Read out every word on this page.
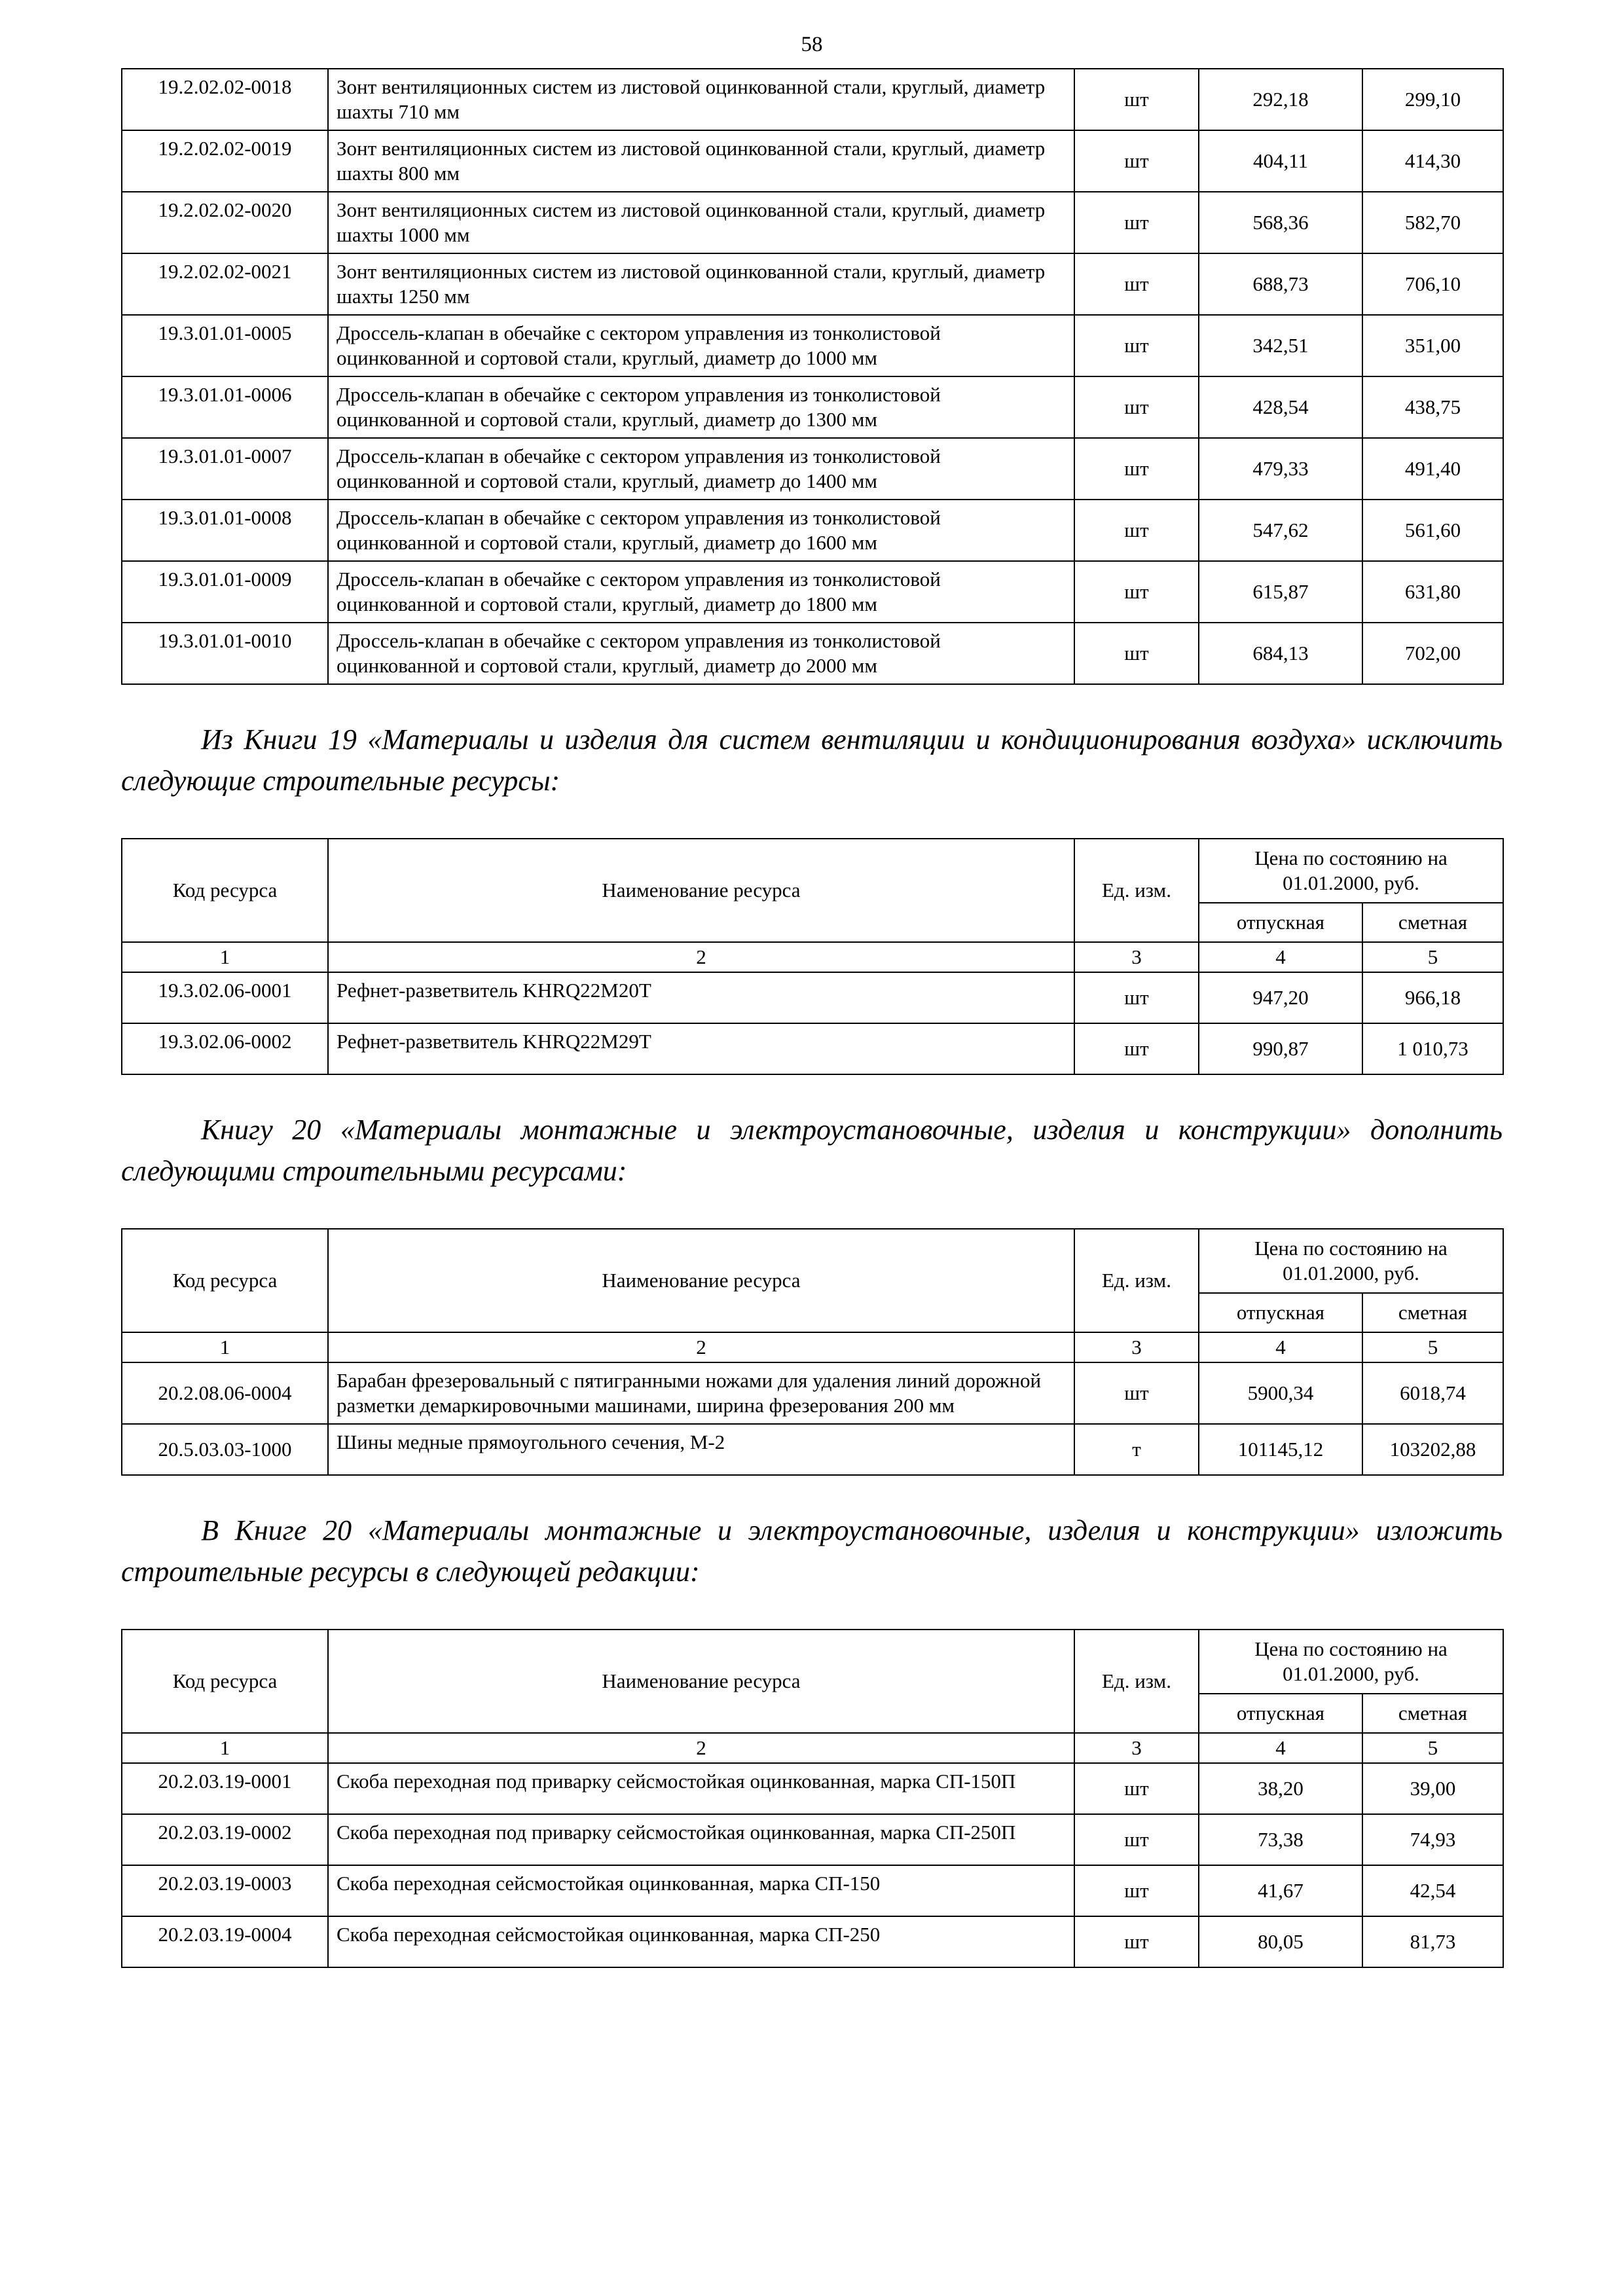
58
19.2.02.02-0018	Зонт вентиляционных систем из листовой оцинкованной стали, круглый, диаметр шахты 710 мм	шт	292,18	299,10
19.2.02.02-0019	Зонт вентиляционных систем из листовой оцинкованной стали, круглый, диаметр шахты 800 мм	шт	404,11	414,30
19.2.02.02-0020	Зонт вентиляционных систем из листовой оцинкованной стали, круглый, диаметр шахты 1000 мм	шт	568,36	582,70
19.2.02.02-0021	Зонт вентиляционных систем из листовой оцинкованной стали, круглый, диаметр шахты 1250 мм	шт	688,73	706,10
19.3.01.01-0005	Дроссель-клапан в обечайке с сектором управления из тонколистовой оцинкованной и сортовой стали, круглый, диаметр до 1000 мм	шт	342,51	351,00
19.3.01.01-0006	Дроссель-клапан в обечайке с сектором управления из тонколистовой оцинкованной и сортовой стали, круглый, диаметр до 1300 мм	шт	428,54	438,75
19.3.01.01-0007	Дроссель-клапан в обечайке с сектором управления из тонколистовой оцинкованной и сортовой стали, круглый, диаметр до 1400 мм	шт	479,33	491,40
19.3.01.01-0008	Дроссель-клапан в обечайке с сектором управления из тонколистовой оцинкованной и сортовой стали, круглый, диаметр до 1600 мм	шт	547,62	561,60
19.3.01.01-0009	Дроссель-клапан в обечайке с сектором управления из тонколистовой оцинкованной и сортовой стали, круглый, диаметр до 1800 мм	шт	615,87	631,80
19.3.01.01-0010	Дроссель-клапан в обечайке с сектором управления из тонколистовой оцинкованной и сортовой стали, круглый, диаметр до 2000 мм	шт	684,13	702,00

Из Книги 19 «Материалы и изделия для систем вентиляции и кондиционирования воздуха» исключить следующие строительные ресурсы:

Код ресурса	Наименование ресурса	Ед. изм.	Цена по состоянию на 01.01.2000, руб.	
			отпускная	сметная
1	2	3	4	5
19.3.02.06-0001	Рефнет-разветвитель KHRQ22M20T	шт	947,20	966,18
19.3.02.06-0002	Рефнет-разветвитель KHRQ22M29T	шт	990,87	1 010,73

Книгу 20 «Материалы монтажные и электроустановочные, изделия и конструкции» дополнить следующими строительными ресурсами:

Код ресурса	Наименование ресурса	Ед. изм.	Цена по состоянию на 01.01.2000, руб.	
			отпускная	сметная
1	2	3	4	5
20.2.08.06-0004	Барабан фрезеровальный с пятигранными ножами для удаления линий дорожной разметки демаркировочными машинами, ширина фрезерования 200 мм	шт	5900,34	6018,74
20.5.03.03-1000	Шины медные прямоугольного сечения, М-2	т	101145,12	103202,88

В Книге 20 «Материалы монтажные и электроустановочные, изделия и конструкции» изложить строительные ресурсы в следующей редакции:

Код ресурса	Наименование ресурса	Ед. изм.	Цена по состоянию на 01.01.2000, руб.	
			отпускная	сметная
1	2	3	4	5
20.2.03.19-0001	Скоба переходная под приварку сейсмостойкая оцинкованная, марка СП-150П	шт	38,20	39,00
20.2.03.19-0002	Скоба переходная под приварку сейсмостойкая оцинкованная, марка СП-250П	шт	73,38	74,93
20.2.03.19-0003	Скоба переходная сейсмостойкая оцинкованная, марка СП-150	шт	41,67	42,54
20.2.03.19-0004	Скоба переходная сейсмостойкая оцинкованная, марка СП-250	шт	80,05	81,73
